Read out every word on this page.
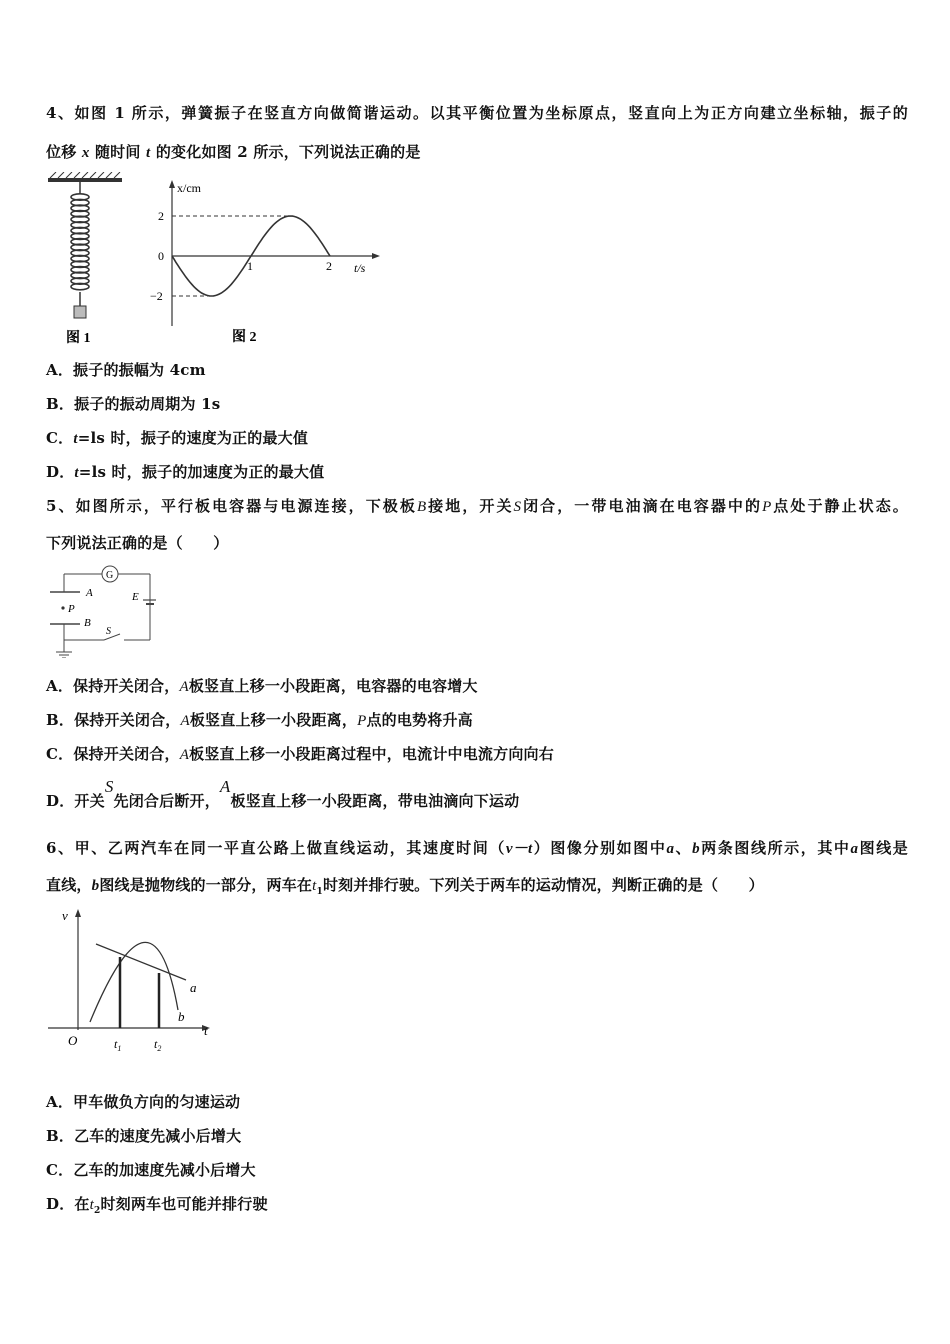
4、如图 1 所示，弹簧振子在竖直方向做简谐运动。以其平衡位置为坐标原点，竖直向上为正方向建立坐标轴，振子的
位移 x 随时间 t 的变化如图 2 所示，下列说法正确的是
图 1
x/cm
t/s
2
0
−2
1	2
图 2
A．振子的振幅为 4cm
B．振子的振动周期为 1s
C．t=ls 时，振子的速度为正的最大值
D．t=ls 时，振子的加速度为正的最大值
5、如图所示，平行板电容器与电源连接，下极板B接地，开关S闭合，一带电油滴在电容器中的P点处于静止状态。
下列说法正确的是（　　）
G
A
P
B
E
S
A．保持开关闭合，A板竖直上移一小段距离，电容器的电容增大
B．保持开关闭合，A板竖直上移一小段距离，P点的电势将升高
C．保持开关闭合，A板竖直上移一小段距离过程中，电流计中电流方向向右
D．开关S先闭合后断开，A板竖直上移一小段距离，带电油滴向下运动
6、甲、乙两汽车在同一平直公路上做直线运动，其速度时间（v－t）图像分别如图中a、b两条图线所示，其中a图线是
直线，b图线是抛物线的一部分，两车在$t_1$时刻并排行驶。下列关于两车的运动情况，判断正确的是（　　）
v
t
O	$t_1$	$t_2$
a
b
A．甲车做负方向的匀速运动
B．乙车的速度先减小后增大
C．乙车的加速度先减小后增大
D．在$t_2$时刻两车也可能并排行驶
